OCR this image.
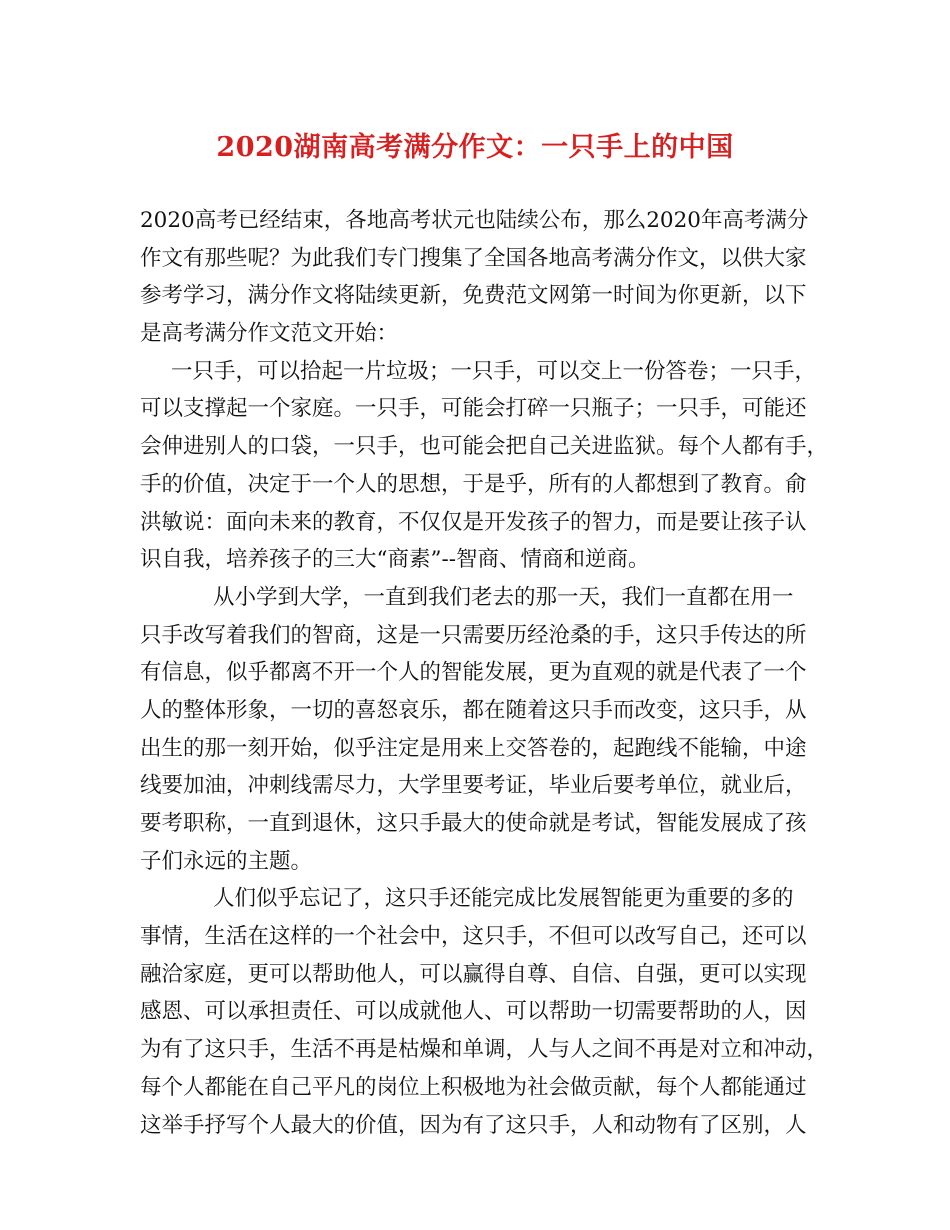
2020湖南高考满分作文：一只手上的中国
2020高考已经结束，各地高考状元也陆续公布，那么2020年高考满分
作文有那些呢？为此我们专门搜集了全国各地高考满分作文，以供大家
参考学习，满分作文将陆续更新，免费范文网第一时间为你更新，以下
是高考满分作文范文开始：
一只手，可以拾起一片垃圾；一只手，可以交上一份答卷；一只手，
可以支撑起一个家庭。一只手，可能会打碎一只瓶子；一只手，可能还
会伸进别人的口袋，一只手，也可能会把自己关进监狱。每个人都有手，
手的价值，决定于一个人的思想，于是乎，所有的人都想到了教育。俞
洪敏说：面向未来的教育，不仅仅是开发孩子的智力，而是要让孩子认
识自我，培养孩子的三大“商素”--智商、情商和逆商。
从小学到大学，一直到我们老去的那一天，我们一直都在用一
只手改写着我们的智商，这是一只需要历经沧桑的手，这只手传达的所
有信息，似乎都离不开一个人的智能发展，更为直观的就是代表了一个
人的整体形象，一切的喜怒哀乐，都在随着这只手而改变，这只手，从
出生的那一刻开始，似乎注定是用来上交答卷的，起跑线不能输，中途
线要加油，冲刺线需尽力，大学里要考证，毕业后要考单位，就业后，
要考职称，一直到退休，这只手最大的使命就是考试，智能发展成了孩
子们永远的主题。
人们似乎忘记了，这只手还能完成比发展智能更为重要的多的
事情，生活在这样的一个社会中，这只手，不但可以改写自己，还可以
融洽家庭，更可以帮助他人，可以赢得自尊、自信、自强，更可以实现
感恩、可以承担责任、可以成就他人、可以帮助一切需要帮助的人，因
为有了这只手，生活不再是枯燥和单调，人与人之间不再是对立和冲动，
每个人都能在自己平凡的岗位上积极地为社会做贡献，每个人都能通过
这举手抒写个人最大的价值，因为有了这只手，人和动物有了区别，人
